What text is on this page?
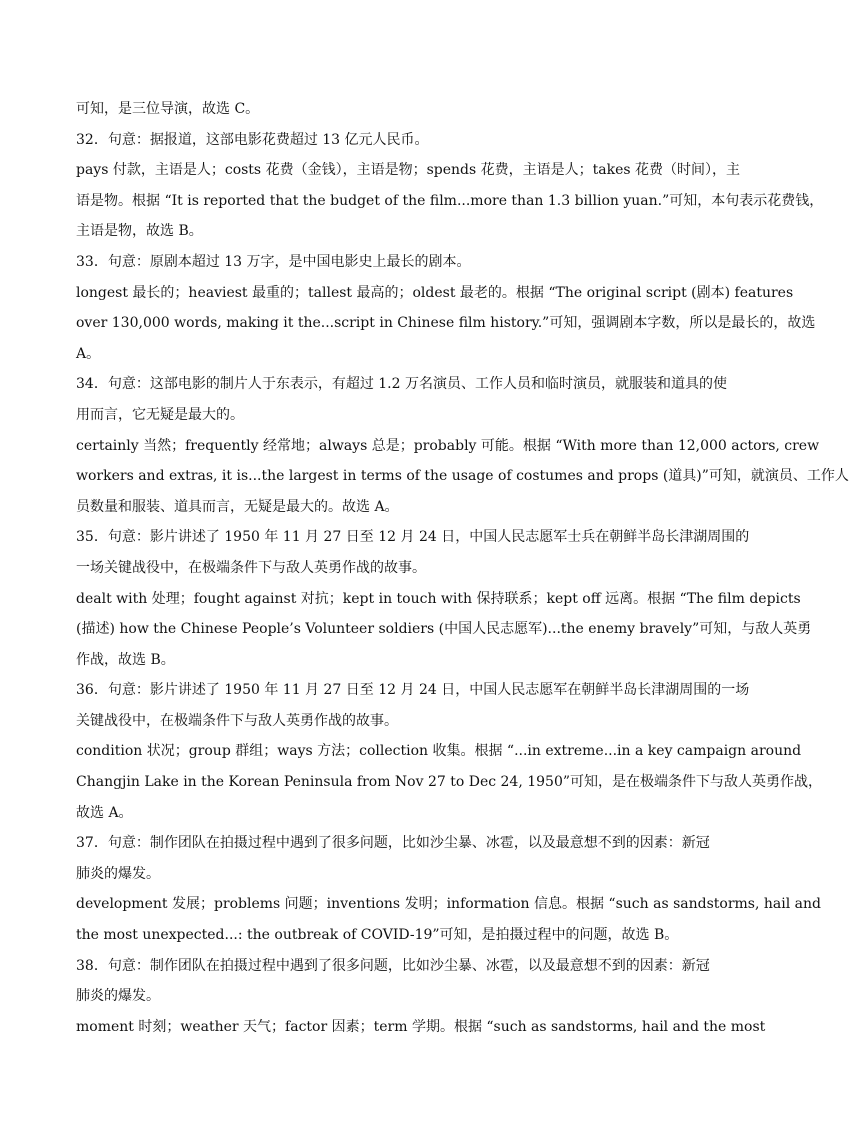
可知，是三位导演，故选 C。
32．句意：据报道，这部电影花费超过 13 亿元人民币。
pays 付款，主语是人；costs 花费（金钱），主语是物；spends 花费，主语是人；takes 花费（时间），主
语是物。根据 “It is reported that the budget of the film...more than 1.3 billion yuan.”可知，本句表示花费钱，
主语是物，故选 B。
33．句意：原剧本超过 13 万字，是中国电影史上最长的剧本。
longest 最长的；heaviest 最重的；tallest 最高的；oldest 最老的。根据 “The original script (剧本) features
over 130,000 words, making it the...script in Chinese film history.”可知，强调剧本字数，所以是最长的，故选
A。
34．句意：这部电影的制片人于东表示，有超过 1.2 万名演员、工作人员和临时演员，就服装和道具的使
用而言，它无疑是最大的。
certainly 当然；frequently 经常地；always 总是；probably 可能。根据 “With more than 12,000 actors, crew
workers and extras, it is...the largest in terms of the usage of costumes and props (道具)”可知，就演员、工作人
员数量和服装、道具而言，无疑是最大的。故选 A。
35．句意：影片讲述了 1950 年 11 月 27 日至 12 月 24 日，中国人民志愿军士兵在朝鲜半岛长津湖周围的
一场关键战役中，在极端条件下与敌人英勇作战的故事。
dealt with 处理；fought against 对抗；kept in touch with 保持联系；kept off 远离。根据 “The film depicts
(描述) how the Chinese People’s Volunteer soldiers (中国人民志愿军)...the enemy bravely”可知，与敌人英勇
作战，故选 B。
36．句意：影片讲述了 1950 年 11 月 27 日至 12 月 24 日，中国人民志愿军在朝鲜半岛长津湖周围的一场
关键战役中，在极端条件下与敌人英勇作战的故事。
condition 状况；group 群组；ways 方法；collection 收集。根据 “...in extreme...in a key campaign around
Changjin Lake in the Korean Peninsula from Nov 27 to Dec 24, 1950”可知，是在极端条件下与敌人英勇作战，
故选 A。
37．句意：制作团队在拍摄过程中遇到了很多问题，比如沙尘暴、冰雹，以及最意想不到的因素：新冠
肺炎的爆发。
development 发展；problems 问题；inventions 发明；information 信息。根据 “such as sandstorms, hail and
the most unexpected...: the outbreak of COVID-19”可知，是拍摄过程中的问题，故选 B。
38．句意：制作团队在拍摄过程中遇到了很多问题，比如沙尘暴、冰雹，以及最意想不到的因素：新冠
肺炎的爆发。
moment 时刻；weather 天气；factor 因素；term 学期。根据 “such as sandstorms, hail and the most
